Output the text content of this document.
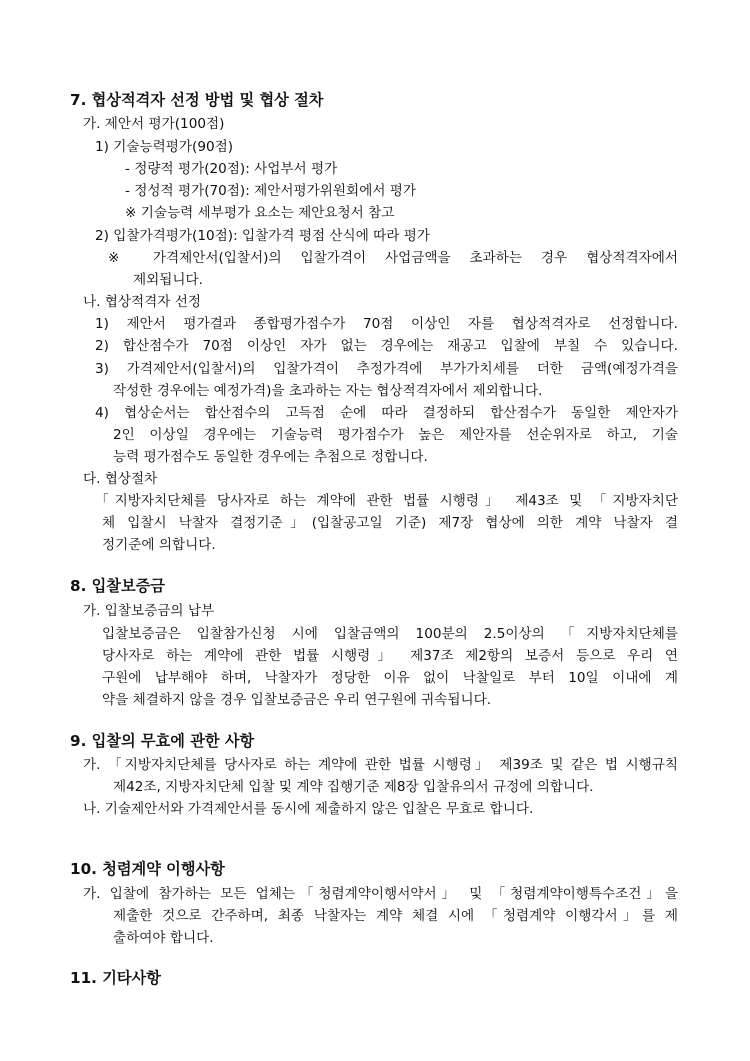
7. 협상적격자 선정 방법 및 협상 절차
가. 제안서 평가(100점)
1) 기술능력평가(90점)
- 정량적 평가(20점): 사업부서 평가
- 정성적 평가(70점): 제안서평가위원회에서 평가
※ 기술능력 세부평가 요소는 제안요청서 참고
2) 입찰가격평가(10점): 입찰가격 평점 산식에 따라 평가
※ 가격제안서(입찰서)의 입찰가격이 사업금액을 초과하는 경우 협상적격자에서
제외됩니다.
나. 협상적격자 선정
1) 제안서 평가결과 종합평가점수가 70점 이상인 자를 협상적격자로 선정합니다.
2) 합산점수가 70점 이상인 자가 없는 경우에는 재공고 입찰에 부칠 수 있습니다.
3) 가격제안서(입찰서)의 입찰가격이 추정가격에 부가가치세를 더한 금액(예정가격을
작성한 경우에는 예정가격)을 초과하는 자는 협상적격자에서 제외합니다.
4) 협상순서는 합산점수의 고득점 순에 따라 결정하되 합산점수가 동일한 제안자가
2인 이상일 경우에는 기술능력 평가점수가 높은 제안자를 선순위자로 하고, 기술
능력 평가점수도 동일한 경우에는 추첨으로 정합니다.
다. 협상절차
「지방자치단체를 당사자로 하는 계약에 관한 법률 시행령」 제43조 및 「지방자치단
체 입찰시 낙찰자 결정기준」(입찰공고일 기준) 제7장 협상에 의한 계약 낙찰자 결
정기준에 의합니다.
8. 입찰보증금
가. 입찰보증금의 납부
입찰보증금은 입찰참가신청 시에 입찰금액의 100분의 2.5이상의 「지방자치단체를
당사자로 하는 계약에 관한 법률 시행령」 제37조 제2항의 보증서 등으로 우리 연
구원에 납부해야 하며, 낙찰자가 정당한 이유 없이 낙찰일로 부터 10일 이내에 계
약을 체결하지 않을 경우 입찰보증금은 우리 연구원에 귀속됩니다.
9. 입찰의 무효에 관한 사항
가. 「지방자치단체를 당사자로 하는 계약에 관한 법률 시행령」 제39조 및 같은 법 시행규칙
제42조, 지방자치단체 입찰 및 계약 집행기준 제8장 입찰유의서 규정에 의합니다.
나. 기술제안서와 가격제안서를 동시에 제출하지 않은 입찰은 무효로 합니다.
10. 청렴계약 이행사항
가. 입찰에 참가하는 모든 업체는「청렴계약이행서약서」 및 「청렴계약이행특수조건」을
제출한 것으로 간주하며, 최종 낙찰자는 계약 체결 시에 「청렴계약 이행각서」를 제
출하여야 합니다.
11. 기타사항
